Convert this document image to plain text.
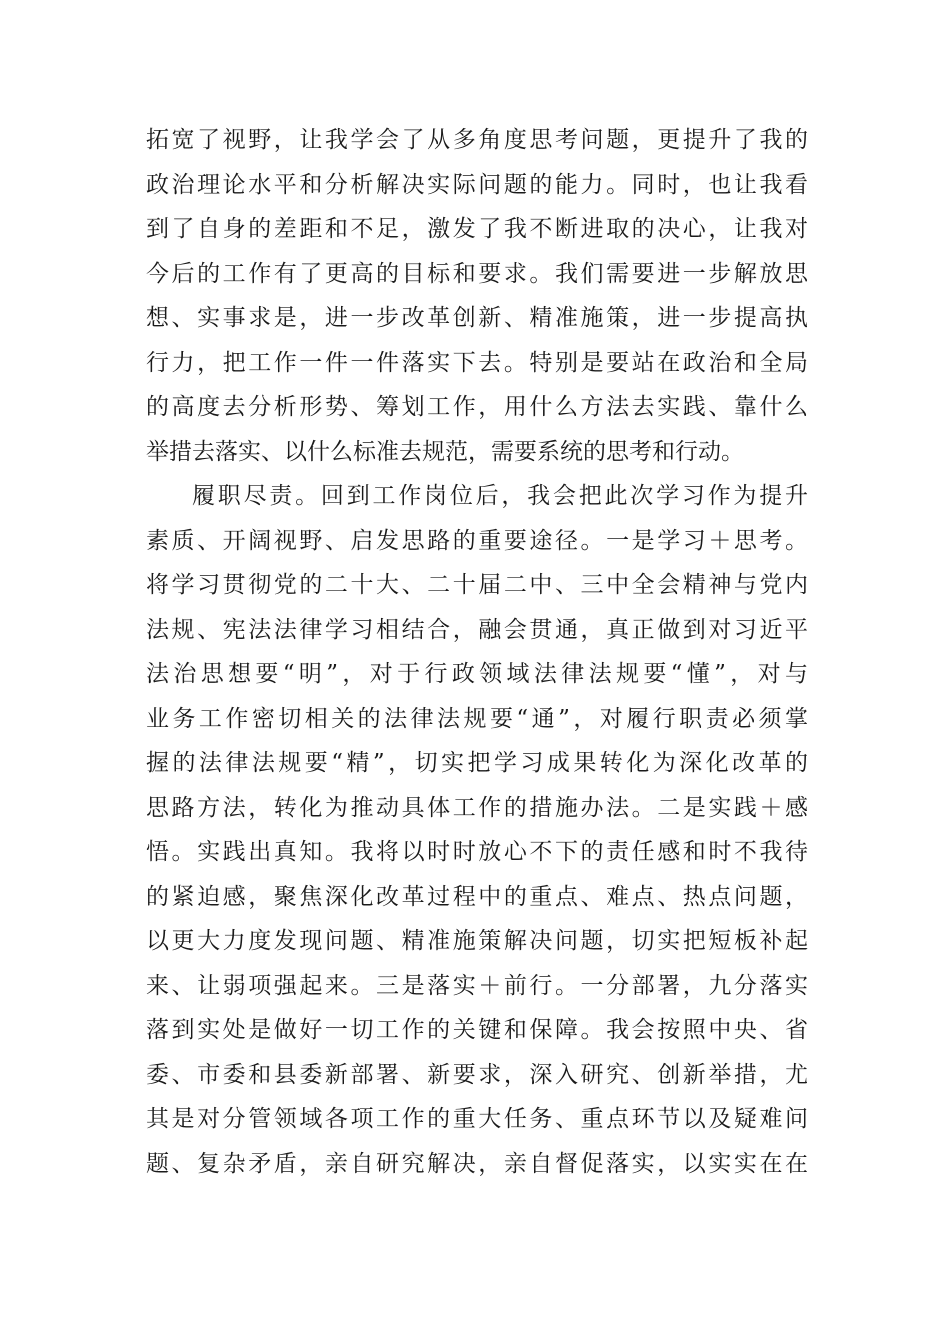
拓宽了视野，让我学会了从多角度思考问题，更提升了我的
政治理论水平和分析解决实际问题的能力。同时，也让我看
到了自身的差距和不足，激发了我不断进取的决心，让我对
今后的工作有了更高的目标和要求。我们需要进一步解放思
想、实事求是，进一步改革创新、精准施策，进一步提高执
行力，把工作一件一件落实下去。特别是要站在政治和全局
的高度去分析形势、筹划工作，用什么方法去实践、靠什么
举措去落实、以什么标准去规范，需要系统的思考和行动。
履职尽责。回到工作岗位后，我会把此次学习作为提升
素质、开阔视野、启发思路的重要途径。一是学习＋思考。
将学习贯彻党的二十大、二十届二中、三中全会精神与党内
法规、宪法法律学习相结合，融会贯通，真正做到对习近平
法治思想要“明”，对于行政领域法律法规要“懂”，对与
业务工作密切相关的法律法规要“通”，对履行职责必须掌
握的法律法规要“精”，切实把学习成果转化为深化改革的
思路方法，转化为推动具体工作的措施办法。二是实践＋感
悟。实践出真知。我将以时时放心不下的责任感和时不我待
的紧迫感，聚焦深化改革过程中的重点、难点、热点问题，
以更大力度发现问题、精准施策解决问题，切实把短板补起
来、让弱项强起来。三是落实＋前行。一分部署，九分落实
落到实处是做好一切工作的关键和保障。我会按照中央、省
委、市委和县委新部署、新要求，深入研究、创新举措，尤
其是对分管领域各项工作的重大任务、重点环节以及疑难问
题、复杂矛盾，亲自研究解决，亲自督促落实，以实实在在
